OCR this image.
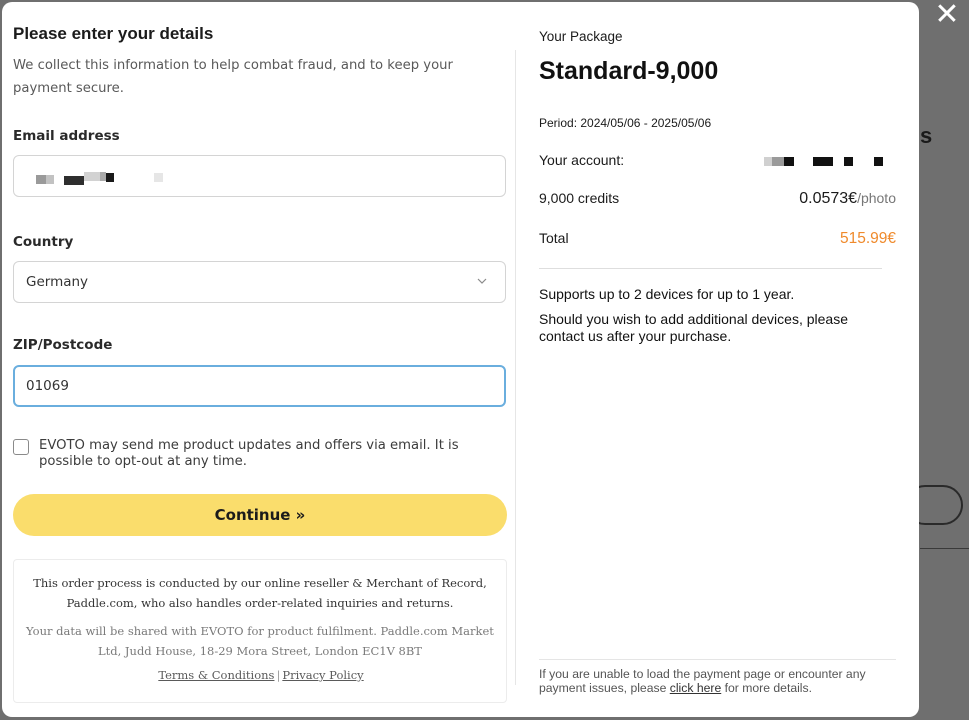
s
✕
Please enter your details
We collect this information to help combat fraud, and to keep your payment secure.
Email address
Country
Germany
ZIP/Postcode
01069
EVOTO may send me product updates and offers via email. It is possible to opt-out at any time.
Continue »
This order process is conducted by our online reseller & Merchant of Record, Paddle.com, who also handles order-related inquiries and returns.
Your data will be shared with EVOTO for product fulfilment. Paddle.com Market Ltd, Judd House, 18-29 Mora Street, London EC1V 8BT
Terms & Conditions | Privacy Policy
Your Package
Standard-9,000
Period: 2024/05/06 - 2025/05/06
Your account:
9,000 credits	0.0573€/photo
Total	515.99€
Supports up to 2 devices for up to 1 year.
Should you wish to add additional devices, please contact us after your purchase.
If you are unable to load the payment page or encounter any payment issues, please click here for more details.
